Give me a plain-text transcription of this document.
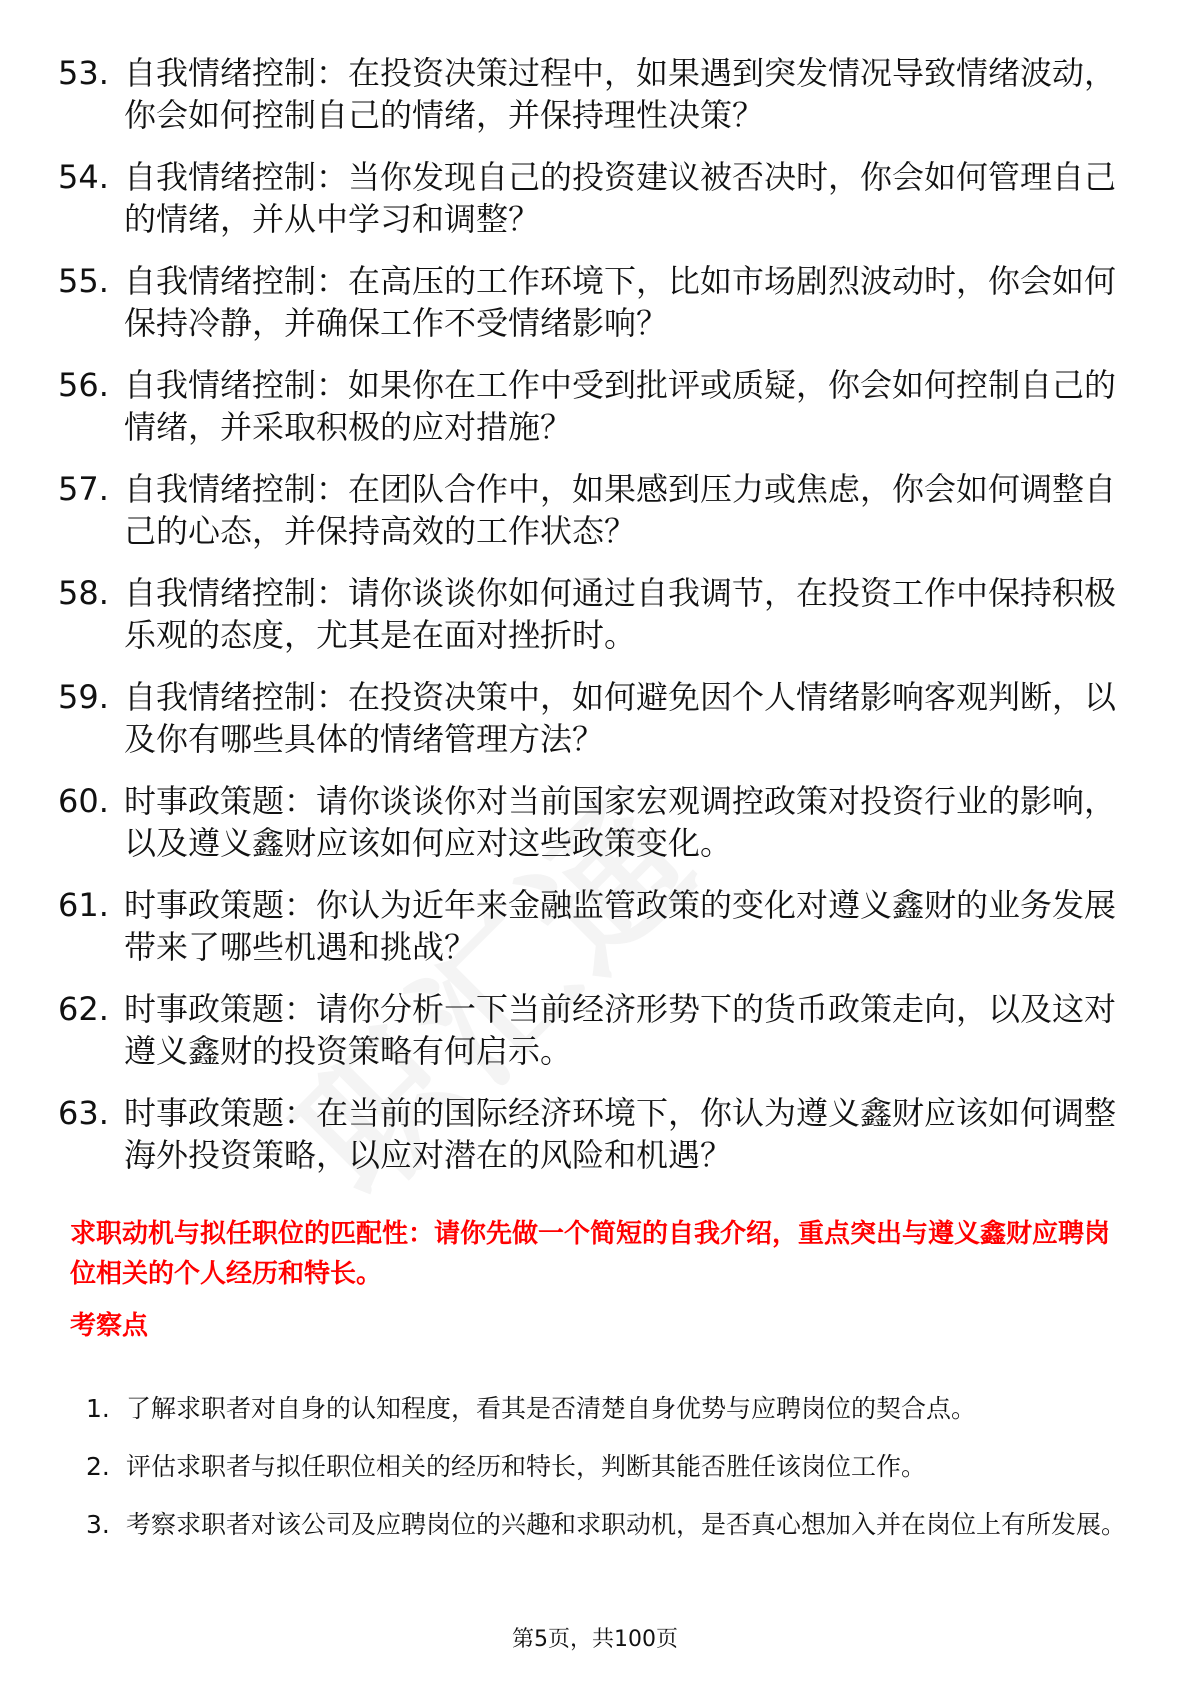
53. 自我情绪控制：在投资决策过程中，如果遇到突发情况导致情绪波动，你会如何控制自己的情绪，并保持理性决策？
54. 自我情绪控制：当你发现自己的投资建议被否决时，你会如何管理自己的情绪，并从中学习和调整？
55. 自我情绪控制：在高压的工作环境下，比如市场剧烈波动时，你会如何保持冷静，并确保工作不受情绪影响？
56. 自我情绪控制：如果你在工作中受到批评或质疑，你会如何控制自己的情绪，并采取积极的应对措施？
57. 自我情绪控制：在团队合作中，如果感到压力或焦虑，你会如何调整自己的心态，并保持高效的工作状态？
58. 自我情绪控制：请你谈谈你如何通过自我调节，在投资工作中保持积极乐观的态度，尤其是在面对挫折时。
59. 自我情绪控制：在投资决策中，如何避免因个人情绪影响客观判断，以及你有哪些具体的情绪管理方法？
60. 时事政策题：请你谈谈你对当前国家宏观调控政策对投资行业的影响，以及遵义鑫财应该如何应对这些政策变化。
61. 时事政策题：你认为近年来金融监管政策的变化对遵义鑫财的业务发展带来了哪些机遇和挑战？
62. 时事政策题：请你分析一下当前经济形势下的货币政策走向，以及这对遵义鑫财的投资策略有何启示。
63. 时事政策题：在当前的国际经济环境下，你认为遵义鑫财应该如何调整海外投资策略，以应对潜在的风险和机遇？
求职动机与拟任职位的匹配性：请你先做一个简短的自我介绍，重点突出与遵义鑫财应聘岗位相关的个人经历和特长。
考察点
1. 了解求职者对自身的认知程度，看其是否清楚自身优势与应聘岗位的契合点。
2. 评估求职者与拟任职位相关的经历和特长，判断其能否胜任该岗位工作。
3. 考察求职者对该公司及应聘岗位的兴趣和求职动机，是否真心想加入并在岗位上有所发展。
第5页，共100页
